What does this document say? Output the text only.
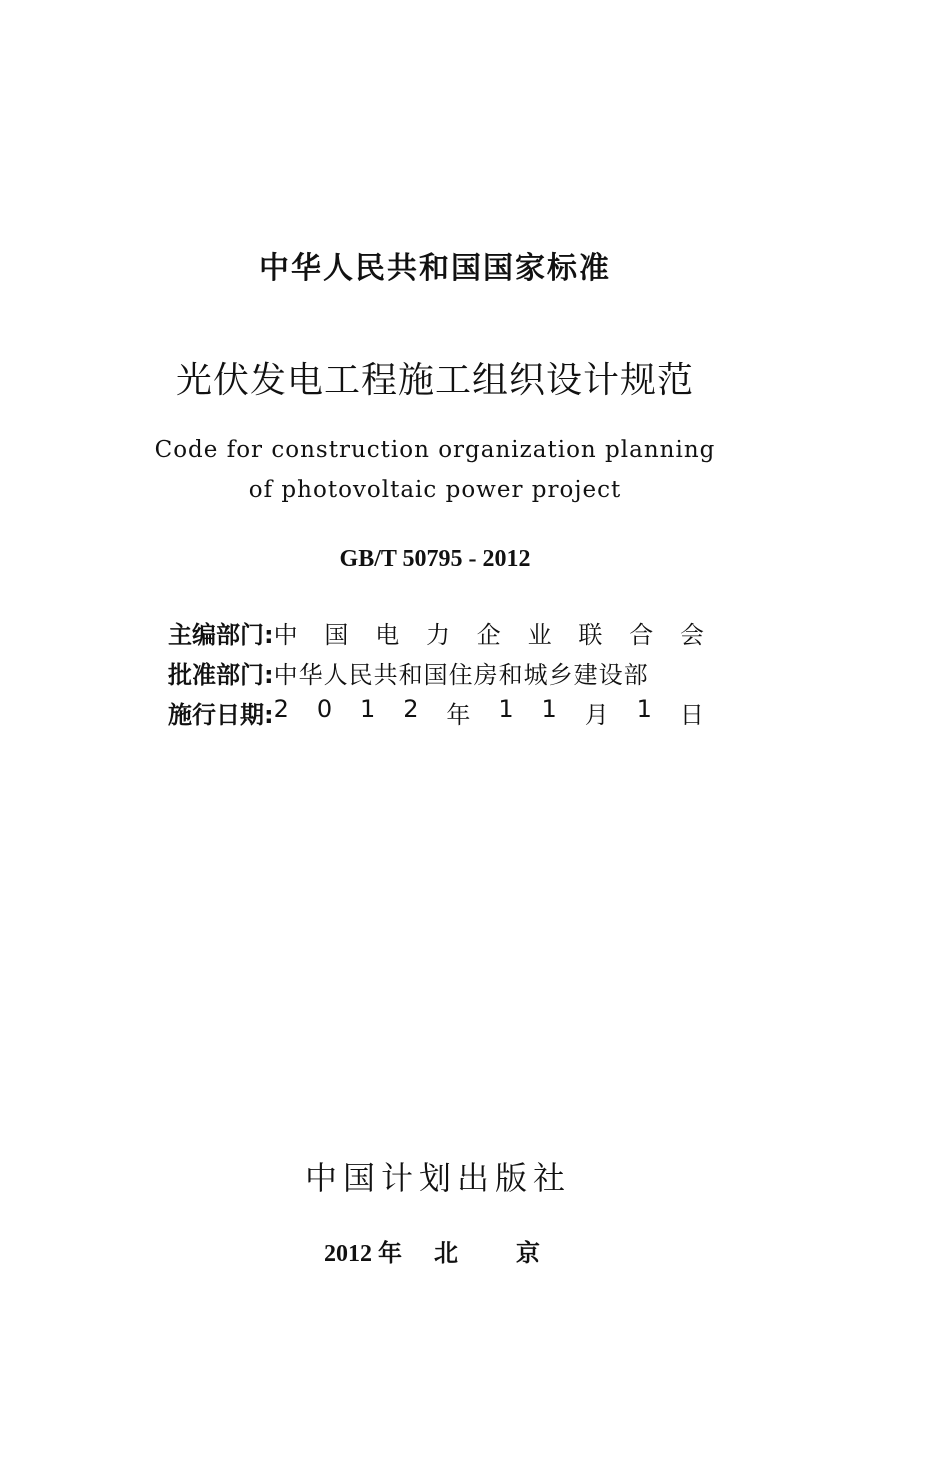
中华人民共和国国家标准
光伏发电工程施工组织设计规范
Code for construction organization planning
of photovoltaic power project
GB/T 50795 - 2012
主编部门: 中 国 电 力 企 业 联 合 会
批准部门: 中华人民共和国住房和城乡建设部
施行日期: 2 0 1 2 年 1 1 月 1 日
中国计划出版社
2012 年 北 京
